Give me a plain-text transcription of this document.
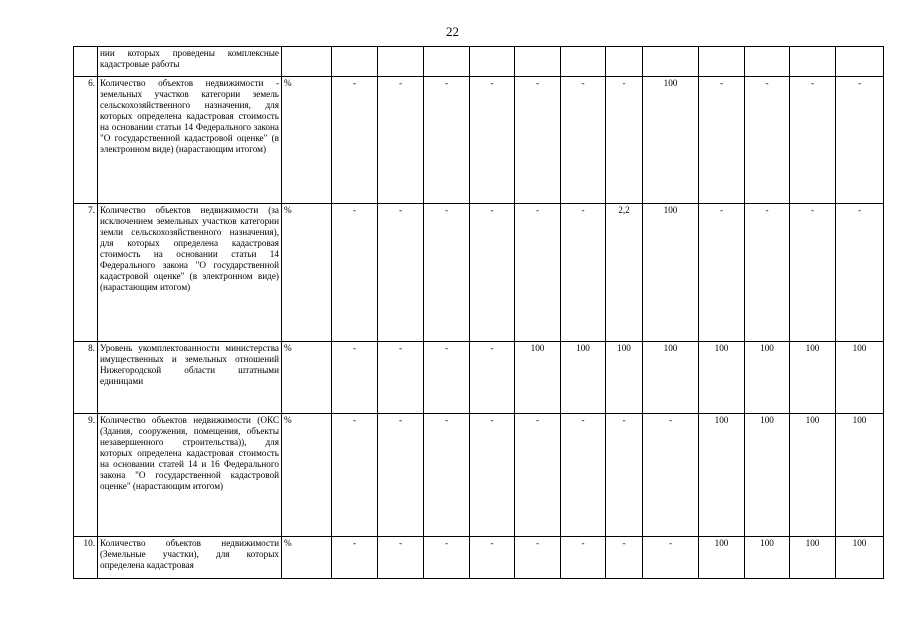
22
	нии которых проведены комплексные кадастровые работы													
6.	Количество объектов недвижимости - земельных участков категории земель сельскохозяйственного назначения, для которых определена кадастровая стоимость на основании статьи 14 Федерального закона "О государственной кадастровой оценке" (в электронном виде) (нарастающим итогом)	%	-	-	-	-	-	-	-	100	-	-	-	-
7.	Количество объектов недвижимости (за исключением земельных участков категории земли сельскохозяйственного назначения), для которых определена кадастровая стоимость на основании статьи 14 Федерального закона "О государственной кадастровой оценке" (в электронном виде) (нарастающим итогом)	%	-	-	-	-	-	-	2,2	100	-	-	-	-
8.	Уровень укомплектованности министерства имущественных и земельных отношений Нижегородской области штатными единицами	%	-	-	-	-	100	100	100	100	100	100	100	100
9.	Количество объектов недвижимости (ОКС (Здания, сооружения, помещения, объекты незавершенного строительства)), для которых определена кадастровая стоимость на основании статей 14 и 16 Федерального закона "О государственной кадастровой оценке" (нарастающим итогом)	%	-	-	-	-	-	-	-	-	100	100	100	100
10.	Количество объектов недвижимости (Земельные участки), для которых определена кадастровая	%	-	-	-	-	-	-	-	-	100	100	100	100
